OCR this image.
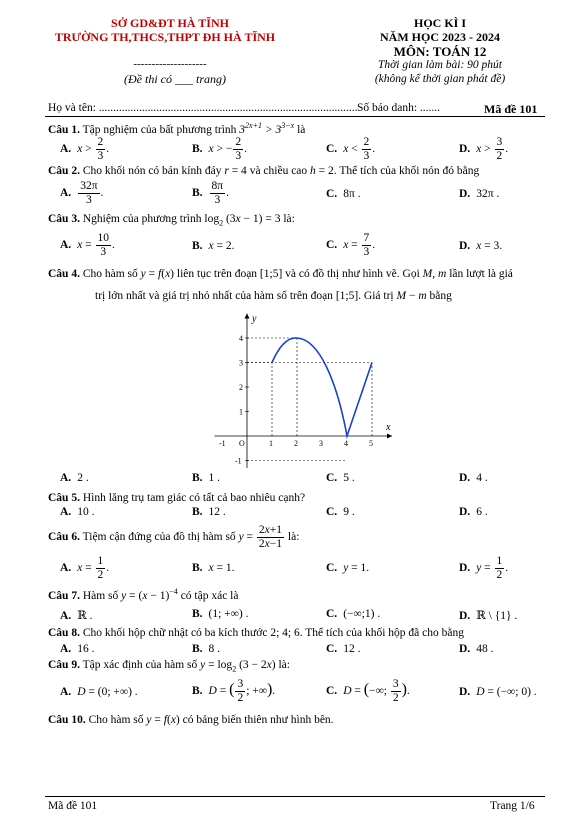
SỞ GD&ĐT HÀ TĨNH
TRƯỜNG TH,THCS,THPT ĐH HÀ TĨNH
--------------------
(Đề thi có ___ trang)
HỌC KÌ I
NĂM HỌC 2023 - 2024
MÔN: TOÁN 12
Thời gian làm bài: 90 phút
(không kể thời gian phát đề)
Họ và tên: .......................................................................................... Số báo danh: .......	Mã đề 101
Câu 1. Tập nghiệm của bất phương trình $3^{2x+1} > 3^{3-x}$ là
A. $x > \frac{2}{3}$ .	B. x > − $\frac{2}{3}$ .	C. $x < \frac{2}{3}$ .	D. $x > \frac{3}{2}$ .
Câu 2. Cho khối nón có bán kính đáy r = 4 và chiều cao h = 2. Thể tích của khối nón đó bằng
A. $\frac{32\pi}{3}$ .	B. $\frac{8\pi}{3}$ .	C. 8π .	D. 32π .
Câu 3. Nghiệm của phương trình $\log_2 (3x - 1) = 3$ là:
A. $x = \frac{10}{3}$ .	B. x = 2.	C. $x = \frac{7}{3}$ .	D. x = 3.
Câu 4. Cho hàm số y = f(x) liên tục trên đoạn [1;5] và có đồ thị như hình vẽ. Gọi M, m lần lượt là giá
trị lớn nhất và giá trị nhỏ nhất của hàm số trên đoạn [1;5]. Giá trị M − m bằng
x
y
-1 O	1	2	3	4	5
-1
1
2
3
4
A. 2 .	B. 1 .	C. 5 .	D. 4 .
Câu 5. Hình lăng trụ tam giác có tất cả bao nhiêu cạnh?
A. 10 .	B. 12 .	C. 9 .	D. 6 .
Câu 6. Tiệm cận đứng của đồ thị hàm số $y = \frac{2x+1}{2x-1}$ là:
A. $x = \frac{1}{2}$ .	B. x = 1.	C. y = 1.	D. $y = \frac{1}{2}$ .
Câu 7. Hàm số $y = (x - 1)^{-4}$ có tập xác là
A. ℝ .	B. (1; +∞) .	C. (−∞;1) .	D. ℝ \ {1} .
Câu 8. Cho khối hộp chữ nhật có ba kích thước 2; 4; 6. Thể tích của khối hộp đã cho bằng
A. 16 .	B. 8 .	C. 12 .	D. 48 .
Câu 9. Tập xác định của hàm số $y = \log_2 (3 - 2x)$ là:
A. D = (0; +∞) .	B. D = ( $\frac{3}{2}$ ; +∞).	C. D = (−∞; $\frac{3}{2}$ ).	D. D = (−∞; 0) .
Câu 10. Cho hàm số y = f(x) có bảng biến thiên như hình bên.
Mã đề 101	Trang 1/6
